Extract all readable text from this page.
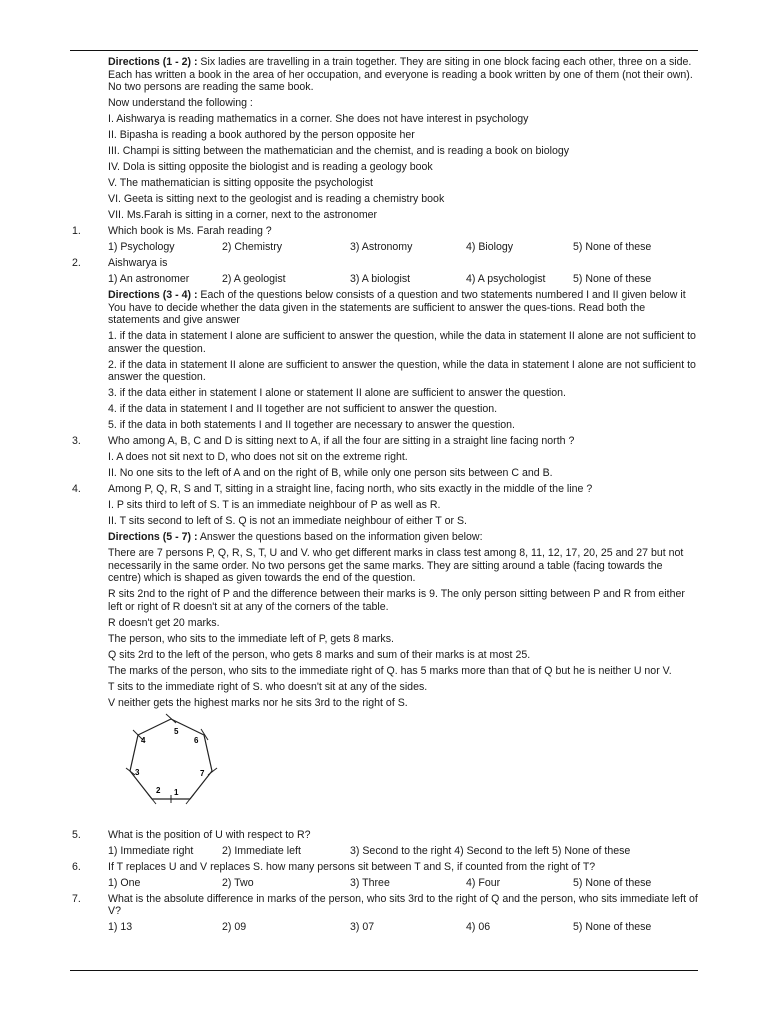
Directions (1 - 2) : Six ladies are travelling in a train together. They are siting in one block facing each other, three on a side. Each has written a book in the area of her occupation, and everyone is reading a book written by one of them (not their own). No two persons are reading the same book.
Now understand the following :
I. Aishwarya is reading mathematics in a corner. She does not have interest in psychology
II. Bipasha is reading a book authored by the person opposite her
III. Champi is sitting between the mathematician and the chemist, and is reading a book on biology
IV. Dola is sitting opposite the biologist and is reading a geology book
V. The mathematician is sitting opposite the psychologist
VI. Geeta is sitting next to the geologist and is reading a chemistry book
VII. Ms.Farah is sitting in a corner, next to the astronomer
1.	Which book is Ms. Farah reading ?
1) Psychology	2) Chemistry	3) Astronomy	4) Biology	5) None of these
2.	Aishwarya is
1) An astronomer	2) A geologist	3) A biologist	4) A psychologist	5) None of these
Directions (3 - 4) : Each of the questions below consists of a question and two statements numbered I and II given below it You have to decide whether the data given in the statements are sufficient to answer the ques-tions. Read both the statements and give answer
1. if the data in statement I alone are sufficient to answer the question, while the data in statement II alone are not sufficient to answer the question.
2. if the data in statement II alone are sufficient to answer the question, while the data in statement I alone are not sufficient to answer the question.
3. if the data either in statement I alone or statement II alone are sufficient to answer the question.
4. if the data in statement I and II together are not sufficient to answer the question.
5. if the data in both statements I and II together are necessary to answer the question.
3.	Who among A, B, C and D is sitting next to A, if all the four are sitting in a straight line facing north ?
I. A does not sit next to D, who does not sit on the extreme right.
II. No one sits to the left of A and on the right of B, while only one person sits between C and B.
4.	Among P, Q, R, S and T, sitting in a straight line, facing north, who sits exactly in the middle of the line ?
I. P sits third to left of S. T is an immediate neighbour of P as well as R.
II. T sits second to left of S. Q is not an immediate neighbour of either T or S.
Directions (5 - 7) : Answer the questions based on the information given below:
There are 7 persons P, Q, R, S, T, U and V. who get different marks in class test among 8, 11, 12, 17, 20, 25 and 27 but not necessarily in the same order. No two persons get the same marks. They are sitting around a table (facing towards the centre) which is shaped as given towards the end of the question.
R sits 2nd to the right of P and the difference between their marks is 9. The only person sitting between P and R from either left or right of R doesn't sit at any of the corners of the table.
R doesn't get 20 marks.
The person, who sits to the immediate left of P, gets 8 marks.
Q sits 2rd to the left of the person, who gets 8 marks and sum of their marks is at most 25.
The marks of the person, who sits to the immediate right of Q. has 5 marks more than that of Q but he is neither U nor V.
T sits to the immediate right of S. who doesn't sit at any of the sides.
V neither gets the highest marks nor he sits 3rd to the right of S.
1
2
3
4
5
6
7
5.	What is the position of U with respect to R?
1) Immediate right	2) Immediate left	3) Second to the right 4) Second to the left 5) None of these
6.	If T replaces U and V replaces S. how many persons sit between T and S, if counted from the right of T?
1) One	2) Two	3) Three	4) Four	5) None of these
7.	What is the absolute difference in marks of the person, who sits 3rd to the right of Q and the person, who sits immediate left of V?
1) 13	2) 09	3) 07	4) 06	5) None of these
